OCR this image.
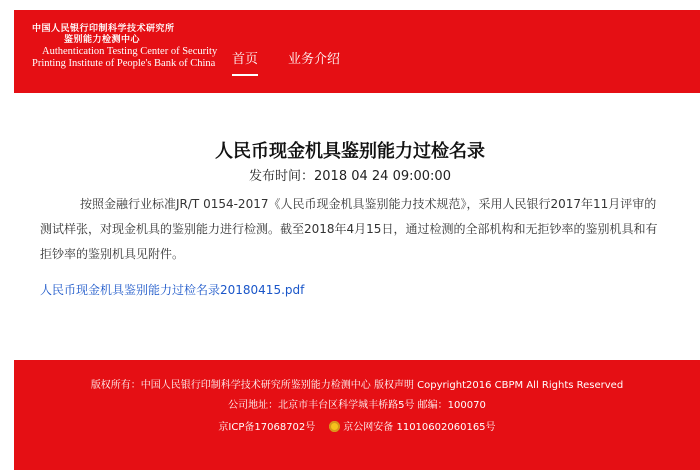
中国人民银行印制科学技术研究所
鉴别能力检测中心
Authentication Testing Center of Security
Printing Institute of People's Bank of China	首页 业务介绍
人民币现金机具鉴别能力过检名录
发布时间：2018 04 24 09:00:00
按照金融行业标准JR/T 0154-2017《人民币现金机具鉴别能力技术规范》，采用人民银行2017年11月评审的测试样张，对现金机具的鉴别能力进行检测。截至2018年4月15日，通过检测的全部机构和无拒钞率的鉴别机具和有拒钞率的鉴别机具见附件。
人民币现金机具鉴别能力过检名录20180415.pdf
版权所有：中国人民银行印制科学技术研究所鉴别能力检测中心 版权声明 Copyright2016 CBPM All Rights Reserved
公司地址：北京市丰台区科学城丰桥路5号 邮编：100070
京ICP备17068702号	京公网安备 11010602060165号
